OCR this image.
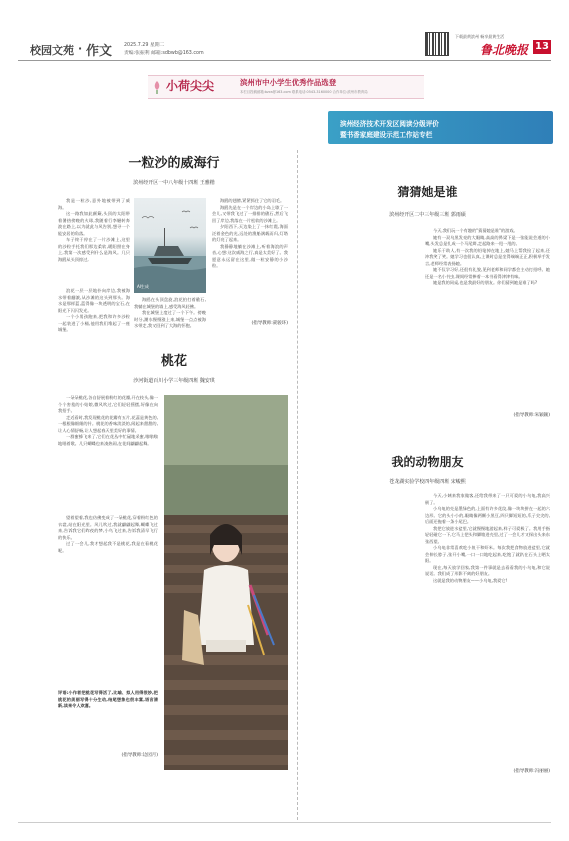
校园文苑 · 作文 2025.7.29 星期二
责编:张振利 邮箱:sdbwb@163.com
下载最黄滨州 畅享最黄生活
鲁北晚报 13
小荷尖尖	滨州市中小学生优秀作品选登
本栏目投稿邮箱:bzxs@163.com 联系电话:0543-3160000 合作单位:滨州市教育局
滨州经济技术开发区阅读分级评价
暨书香家庭建设示范工作站专栏
一粒沙的威海行
滨州经开区一中八年级十四班 王雅楷

我是一粒沙,意外地被带到了威海。

这一路我如此颠簸,头顶的太阳带着暑热傍晚的火球,我随着行李辗转奔波在路上,以为就此与风告别,想寻一个能安居的角落。

车子终于停在了一片沙滩上,这里的沙粒手托我们那边柔软,暖阳照在身上,我第一次感受到什么是海风。几只海鸥从头顶掠过,

浪花一层一层地扑向岸边,我被海水带着翻滚,从沙滩的这头到那头。海水是那样蓝,蓝得像一块透明的宝石,在阳光下闪闪发光。

一个小男孩跑来,把我和许多沙粒一起装进了小桶,他用我们堆起了一座城堡。

AI生成

海鸥在头顶盘旋,浪花拍打着礁石,我躺在城堡的墙上,感受海风轻拂。

我在城堡上度过了一个下午。傍晚时分,潮水慢慢涨上来,城堡一点点被海水带走,我又回到了大海的怀抱。

海鸥的翅膀,紧紧抓住了它的羽毛。

海鸥先是在一个岸边的小岛上歇了一会儿,又带我飞过了一排排的礁石,然后飞回了岸边,我落在一片松软的沙滩上。

夕阳西下,天边染上了一抹红霞,海面泛着金色的光,远处的渔船满载而归,灯塔的灯亮了起来。

我静静地躺在沙滩上,听着海浪的声音,心想:这次威海之行,真是太美好了。我愿意永远留在这里,做一粒安静的小沙粒。

(指导教师:聂骏环)
桃花
沙河街道百川小学三年级四班 魏安琪

一朵朵桃花,各自舒展着粉红的花瓣,开在枝头,像一个个害羞的小姑娘,微风吹过,它们轻轻摇摆,好像在向我招手。

走近看时,我发现桃花的花瓣有五片,花蕊是黄色的,一根根像细细的针。桃花的香味淡淡的,闻起来甜甜的,让人心情舒畅,让人想起春天里美好的事情。

一群蜜蜂飞来了,它们在花丛中忙碌地采蜜,嗡嗡嗡地唱着歌。几只蝴蝶也来凑热闹,在花间翩翩起舞。

望着望着,我也仿佛变成了一朵桃花,穿着粉红色的衣裳,站在阳光里。风儿吹过,我就翩翩起舞,蝴蝶飞过来,告诉我它们昨夜的梦,小鸟飞过来,告诉我清早飞行的快乐。

过了一会儿,我才想起我不是桃花,我是在看桃花呢。

评语:小作者把桃花写得活了,比喻、拟人用得很妙,把桃花的美丽写得十分生动,结尾想象也很丰富,语言清新,读来令人欢喜。
(指导教师:边园月)
猜猜她是谁
滨州经开区二中三年级三班 郭雨硕

今天,我们玩一个有趣的"猜猜她是谁"的游戏。

她有一双乌黑发亮的大眼睛,高高的鼻梁下是一张能说会道的小嘴,头发总是扎成一个马尾辫,走起路来一甩一甩的。

她乐于助人,有一次我的铅笔掉在地上,她马上帮我捡了起来,还冲我笑了笑。她学习也很认真,上课时总是坐得端端正正,积极举手发言,老师经常表扬她。

她不仅学习好,还很有礼貌,见到老师和同学都会主动打招呼。她还是一名小书虫,课间经常捧着一本书看得津津有味。

她是我的同桌,也是我最好的朋友。你们猜到她是谁了吗?

(指导教师:朱颖颖)
我的动物朋友
苍龙湖实验学校四年级四班 宋峻熙

今天,小姨来我家做客,还给我带来了一只可爱的小乌龟,我高兴极了。

小乌龟的壳是墨绿色的,上面有许多花纹,像一块块拼在一起的六边形。它的头小小的,眼睛像两颗小黑豆,四只脚短短的,爪子尖尖的,后面还拖着一条小尾巴。

我把它放进水盆里,它就慢慢地游起来,样子可爱极了。我用手指轻轻碰它一下,它马上把头和脚缩进壳里,过了一会儿才又探出头来东张西望。

小乌龟非常喜欢吃小鱼干和虾米。每次我把食物放进盆里,它就会伸长脖子,张开小嘴,一口一口地吃起来,吃饱了就趴在石头上晒太阳。

现在,每天放学回家,我第一件事就是去看看我的小乌龟,和它说说话。我们成了形影不离的好朋友。

这就是我的动物朋友——小乌龟,我爱它!

(指导教师:冯丽丽)
